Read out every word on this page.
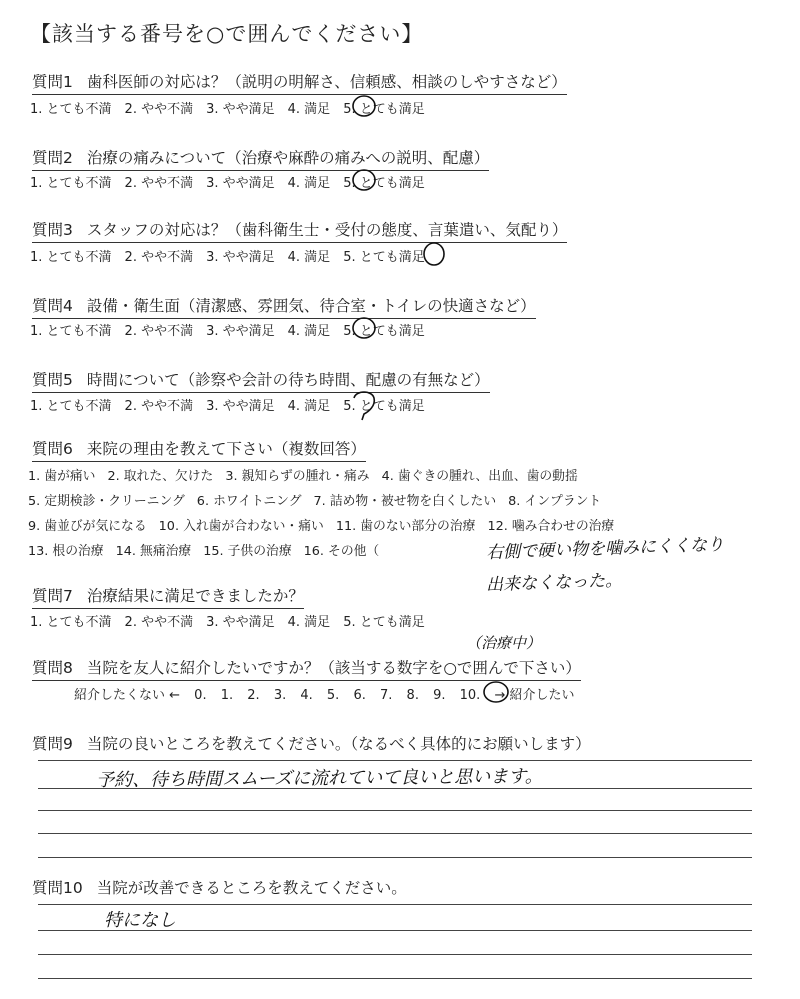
【該当する番号を○で囲んでください】
質問1 歯科医師の対応は？（説明の明解さ、信頼感、相談のしやすさなど）
1. とても不満 2. やや不満 3. やや満足 4. 満足 5. とても満足
質問2 治療の痛みについて（治療や麻酔の痛みへの説明、配慮）
1. とても不満 2. やや不満 3. やや満足 4. 満足 5. とても満足
質問3 スタッフの対応は？（歯科衛生士・受付の態度、言葉遣い、気配り）
1. とても不満 2. やや不満 3. やや満足 4. 満足 5. とても満足
質問4 設備・衛生面（清潔感、雰囲気、待合室・トイレの快適さなど）
1. とても不満 2. やや不満 3. やや満足 4. 満足 5. とても満足
質問5 時間について（診察や会計の待ち時間、配慮の有無など）
1. とても不満 2. やや不満 3. やや満足 4. 満足 5. とても満足
質問6 来院の理由を教えて下さい（複数回答）
1. 歯が痛い 2. 取れた、欠けた 3. 親知らずの腫れ・痛み 4. 歯ぐきの腫れ、出血、歯の動揺
5. 定期検診・クリーニング 6. ホワイトニング 7. 詰め物・被せ物を白くしたい 8. インプラント
9. 歯並びが気になる 10. 入れ歯が合わない・痛い 11. 歯のない部分の治療 12. 噛み合わせの治療
13. 根の治療 14. 無痛治療 15. 子供の治療 16. その他（	右側で硬い物を噛みにくくなり
出来なくなった。
質問7 治療結果に満足できましたか？
1. とても不満 2. やや不満 3. やや満足 4. 満足 5. とても満足
（治療中）
質問8 当院を友人に紹介したいですか？（該当する数字を○で囲んで下さい）
紹介したくない ← 0. 1. 2. 3. 4. 5. 6. 7. 8. 9. 10. → 紹介したい
質問9 当院の良いところを教えてください。（なるべく具体的にお願いします）
予約、待ち時間スムーズに流れていて良いと思います。
質問10 当院が改善できるところを教えてください。
特になし
